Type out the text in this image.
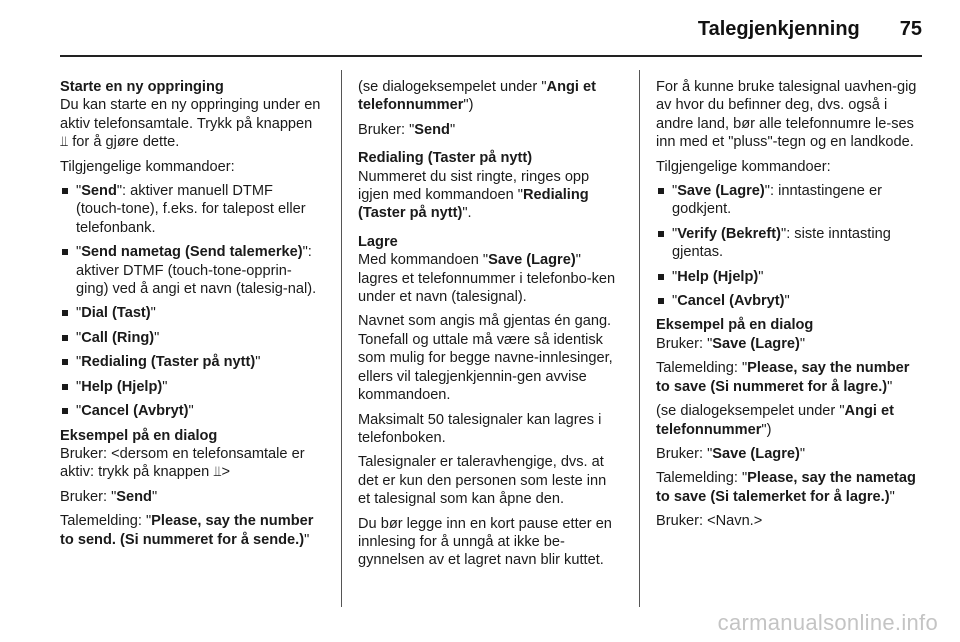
Talegjenkjenning 75
Starte en ny oppringing

Du kan starte en ny oppringing under en aktiv telefonsamtale. Trykk på knappen ⫫ for å gjøre dette.

Tilgjengelige kommandoer:

"Send": aktiver manuell DTMF (touch-tone), f.eks. for talepost eller telefonbank.
"Send nametag (Send talemerke)": aktiver DTMF (touch-tone-opprin-ging) ved å angi et navn (talesig-nal).
"Dial (Tast)"
"Call (Ring)"
"Redialing (Taster på nytt)"
"Help (Hjelp)"
"Cancel (Avbryt)"
Eksempel på en dialog

Bruker: <dersom en telefonsamtale er aktiv: trykk på knappen ⫫>

Bruker: "Send"

Talemelding: "Please, say the number to send. (Si nummeret for å sende.)"

(se dialogeksempelet under "Angi et telefonnummer")

Bruker: "Send"

Redialing (Taster på nytt)

Nummeret du sist ringte, ringes opp igjen med kommandoen "Redialing (Taster på nytt)".

Lagre

Med kommandoen "Save (Lagre)" lagres et telefonnummer i telefonbo-ken under et navn (talesignal).

Navnet som angis må gjentas én gang. Tonefall og uttale må være så identisk som mulig for begge navne-innlesinger, ellers vil talegjenkjennin-gen avvise kommandoen.

Maksimalt 50 talesignaler kan lagres i telefonboken.

Talesignaler er taleravhengige, dvs. at det er kun den personen som leste inn et talesignal som kan åpne den.

Du bør legge inn en kort pause etter en innlesing for å unngå at ikke be-gynnelsen av et lagret navn blir kuttet.

For å kunne bruke talesignal uavhen-gig av hvor du befinner deg, dvs. også i andre land, bør alle telefonnumre le-ses inn med et "pluss"-tegn og en landkode.

Tilgjengelige kommandoer:

"Save (Lagre)": inntastingene er godkjent.
"Verify (Bekreft)": siste inntasting gjentas.
"Help (Hjelp)"
"Cancel (Avbryt)"
Eksempel på en dialog

Bruker: "Save (Lagre)"

Talemelding: "Please, say the number to save (Si nummeret for å lagre.)"

(se dialogeksempelet under "Angi et telefonnummer")

Bruker: "Save (Lagre)"

Talemelding: "Please, say the nametag to save (Si talemerket for å lagre.)"

Bruker: <Navn.>

carmanualsonline.info
